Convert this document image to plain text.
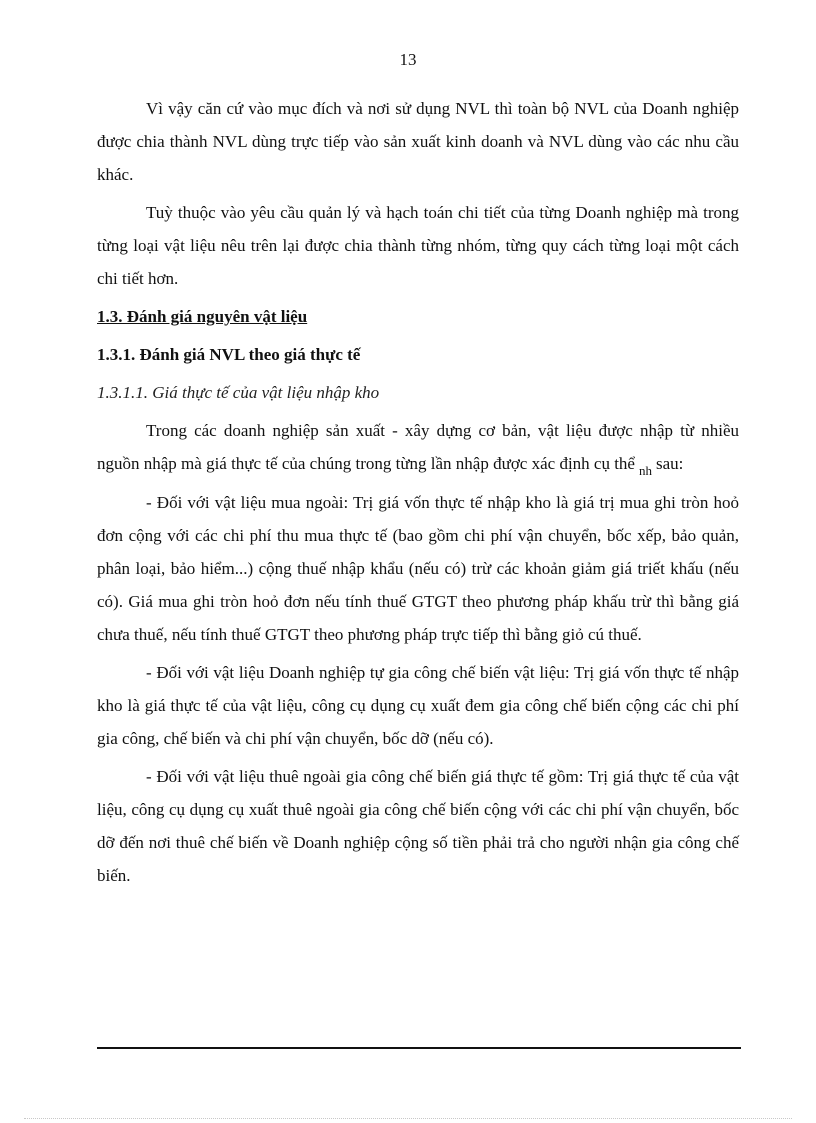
13

Vì vậy căn cứ vào mục đích và nơi sử dụng NVL thì toàn bộ NVL của Doanh nghiệp được chia thành NVL dùng trực tiếp vào sản xuất kinh doanh và NVL dùng vào các nhu cầu khác.

Tuỳ thuộc vào yêu cầu quản lý và hạch toán chi tiết của từng Doanh nghiệp mà trong từng loại vật liệu nêu trên lại được chia thành từng nhóm, từng quy cách từng loại một cách chi tiết hơn.

1.3. Đánh giá nguyên vật liệu

1.3.1. Đánh giá NVL theo giá thực tế

1.3.1.1. Giá thực tế của vật liệu nhập kho

Trong các doanh nghiệp sản xuất - xây dựng cơ bản, vật liệu được nhập từ nhiều nguồn nhập mà giá thực tế của chúng trong từng lần nhập được xác định cụ thể $_{nh}$ sau:

- Đối với vật liệu mua ngoài: Trị giá vốn thực tế nhập kho là giá trị mua ghi tròn hoỏ đơn cộng với các chi phí thu mua thực tế (bao gồm chi phí vận chuyển, bốc xếp, bảo quản, phân loại, bảo hiểm...) cộng thuế nhập khẩu (nếu có) trừ các khoản giảm giá triết khấu (nếu có). Giá mua ghi tròn hoỏ đơn nếu tính thuế GTGT theo phương pháp khấu trừ thì bằng giá chưa thuế, nếu tính thuế GTGT theo phương pháp trực tiếp thì bằng giỏ cú thuế.

- Đối với vật liệu Doanh nghiệp tự gia công chế biến vật liệu: Trị giá vốn thực tế nhập kho là giá thực tế của vật liệu, công cụ dụng cụ xuất đem gia công chế biến cộng các chi phí gia công, chế biến và chi phí vận chuyển, bốc dỡ (nếu có).

- Đối với vật liệu thuê ngoài gia công chế biến giá thực tế gồm: Trị giá thực tế của vật liệu, công cụ dụng cụ xuất thuê ngoài gia công chế biến cộng với các chi phí vận chuyển, bốc dỡ đến nơi thuê chế biến về Doanh nghiệp cộng số tiền phải trả cho người nhận gia công chế biến.
